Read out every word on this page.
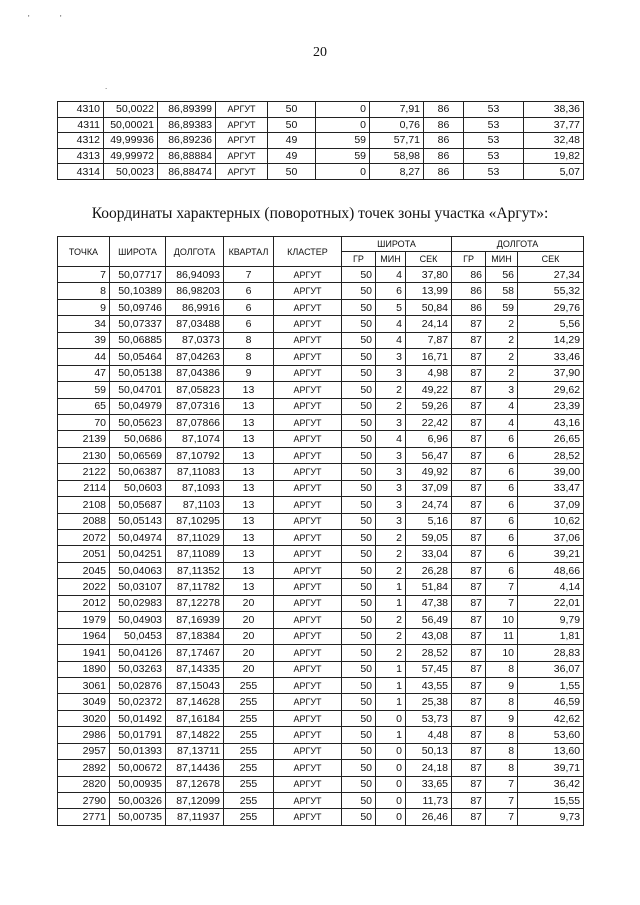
'	'
.
20
4310	50,0022	86,89399	АРГУТ	50	0	7,91	86	53	38,36
4311	50,00021	86,89383	АРГУТ	50	0	0,76	86	53	37,77
4312	49,99936	86,89236	АРГУТ	49	59	57,71	86	53	32,48
4313	49,99972	86,88884	АРГУТ	49	59	58,98	86	53	19,82
4314	50,0023	86,88474	АРГУТ	50	0	8,27	86	53	5,07
Координаты характерных (поворотных) точек зоны участка «Аргут»:
ТОЧКА	ШИРОТА	ДОЛГОТА	КВАРТАЛ	КЛАСТЕР	ШИРОТА			ДОЛГОТА		
					ГР	МИН	СЕК	ГР	МИН	СЕК
7	50,07717	86,94093	7	АРГУТ	50	4	37,80	86	56	27,34
8	50,10389	86,98203	6	АРГУТ	50	6	13,99	86	58	55,32
9	50,09746	86,9916	6	АРГУТ	50	5	50,84	86	59	29,76
34	50,07337	87,03488	6	АРГУТ	50	4	24,14	87	2	5,56
39	50,06885	87,0373	8	АРГУТ	50	4	7,87	87	2	14,29
44	50,05464	87,04263	8	АРГУТ	50	3	16,71	87	2	33,46
47	50,05138	87,04386	9	АРГУТ	50	3	4,98	87	2	37,90
59	50,04701	87,05823	13	АРГУТ	50	2	49,22	87	3	29,62
65	50,04979	87,07316	13	АРГУТ	50	2	59,26	87	4	23,39
70	50,05623	87,07866	13	АРГУТ	50	3	22,42	87	4	43,16
2139	50,0686	87,1074	13	АРГУТ	50	4	6,96	87	6	26,65
2130	50,06569	87,10792	13	АРГУТ	50	3	56,47	87	6	28,52
2122	50,06387	87,11083	13	АРГУТ	50	3	49,92	87	6	39,00
2114	50,0603	87,1093	13	АРГУТ	50	3	37,09	87	6	33,47
2108	50,05687	87,1103	13	АРГУТ	50	3	24,74	87	6	37,09
2088	50,05143	87,10295	13	АРГУТ	50	3	5,16	87	6	10,62
2072	50,04974	87,11029	13	АРГУТ	50	2	59,05	87	6	37,06
2051	50,04251	87,11089	13	АРГУТ	50	2	33,04	87	6	39,21
2045	50,04063	87,11352	13	АРГУТ	50	2	26,28	87	6	48,66
2022	50,03107	87,11782	13	АРГУТ	50	1	51,84	87	7	4,14
2012	50,02983	87,12278	20	АРГУТ	50	1	47,38	87	7	22,01
1979	50,04903	87,16939	20	АРГУТ	50	2	56,49	87	10	9,79
1964	50,0453	87,18384	20	АРГУТ	50	2	43,08	87	11	1,81
1941	50,04126	87,17467	20	АРГУТ	50	2	28,52	87	10	28,83
1890	50,03263	87,14335	20	АРГУТ	50	1	57,45	87	8	36,07
3061	50,02876	87,15043	255	АРГУТ	50	1	43,55	87	9	1,55
3049	50,02372	87,14628	255	АРГУТ	50	1	25,38	87	8	46,59
3020	50,01492	87,16184	255	АРГУТ	50	0	53,73	87	9	42,62
2986	50,01791	87,14822	255	АРГУТ	50	1	4,48	87	8	53,60
2957	50,01393	87,13711	255	АРГУТ	50	0	50,13	87	8	13,60
2892	50,00672	87,14436	255	АРГУТ	50	0	24,18	87	8	39,71
2820	50,00935	87,12678	255	АРГУТ	50	0	33,65	87	7	36,42
2790	50,00326	87,12099	255	АРГУТ	50	0	11,73	87	7	15,55
2771	50,00735	87,11937	255	АРГУТ	50	0	26,46	87	7	9,73
